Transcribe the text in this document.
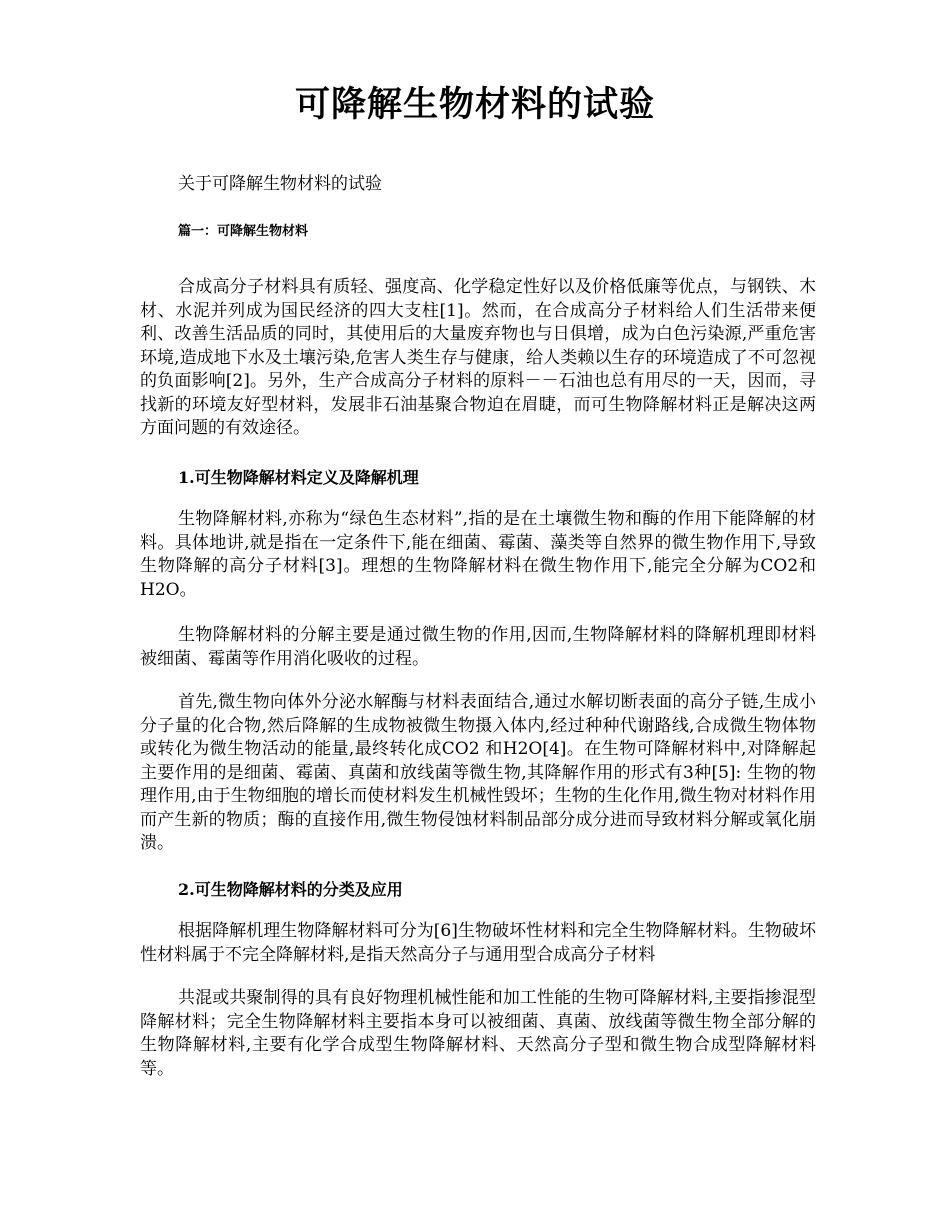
可降解生物材料的试验
关于可降解生物材料的试验
篇一：可降解生物材料

合成高分子材料具有质轻、强度高、化学稳定性好以及价格低廉等优点，与钢铁、木材、水泥并列成为国民经济的四大支柱[1]。然而，在合成高分子材料给人们生活带来便利、改善生活品质的同时，其使用后的大量废弃物也与日俱增，成为白色污染源,严重危害环境,造成地下水及土壤污染,危害人类生存与健康，给人类赖以生存的环境造成了不可忽视的负面影响[2]。另外，生产合成高分子材料的原料－－石油也总有用尽的一天，因而，寻找新的环境友好型材料，发展非石油基聚合物迫在眉睫，而可生物降解材料正是解决这两方面问题的有效途径。

1.可生物降解材料定义及降解机理

生物降解材料,亦称为“绿色生态材料”,指的是在土壤微生物和酶的作用下能降解的材料。具体地讲,就是指在一定条件下,能在细菌、霉菌、藻类等自然界的微生物作用下,导致生物降解的高分子材料[3]。理想的生物降解材料在微生物作用下,能完全分解为CO2和H2O。

生物降解材料的分解主要是通过微生物的作用,因而,生物降解材料的降解机理即材料被细菌、霉菌等作用消化吸收的过程。

首先,微生物向体外分泌水解酶与材料表面结合,通过水解切断表面的高分子链,生成小分子量的化合物,然后降解的生成物被微生物摄入体内,经过种种代谢路线,合成微生物体物或转化为微生物活动的能量,最终转化成CO2 和H2O[4]。在生物可降解材料中,对降解起主要作用的是细菌、霉菌、真菌和放线菌等微生物,其降解作用的形式有3种[5]: 生物的物理作用,由于生物细胞的增长而使材料发生机械性毁坏；生物的生化作用,微生物对材料作用而产生新的物质；酶的直接作用,微生物侵蚀材料制品部分成分进而导致材料分解或氧化崩溃。

2.可生物降解材料的分类及应用

根据降解机理生物降解材料可分为[6]生物破坏性材料和完全生物降解材料。生物破坏性材料属于不完全降解材料,是指天然高分子与通用型合成高分子材料

共混或共聚制得的具有良好物理机械性能和加工性能的生物可降解材料,主要指掺混型降解材料；完全生物降解材料主要指本身可以被细菌、真菌、放线菌等微生物全部分解的生物降解材料,主要有化学合成型生物降解材料、天然高分子型和微生物合成型降解材料等。
